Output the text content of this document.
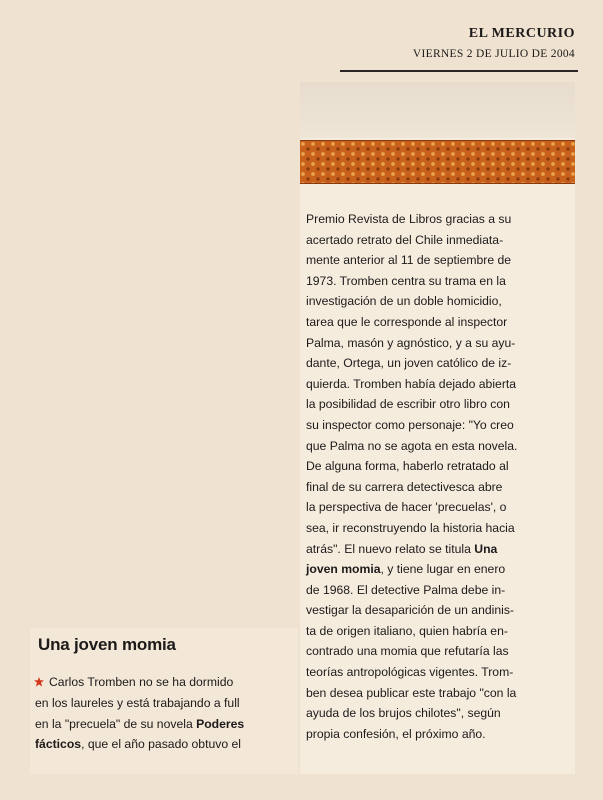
EL MERCURIO
VIERNES 2 DE JULIO DE 2004
Premio Revista de Libros gracias a su
acertado retrato del Chile inmediata-
mente anterior al 11 de septiembre de
1973. Tromben centra su trama en la
investigación de un doble homicidio,
tarea que le corresponde al inspector
Palma, masón y agnóstico, y a su ayu-
dante, Ortega, un joven católico de iz-
quierda. Tromben había dejado abierta
la posibilidad de escribir otro libro con
su inspector como personaje: "Yo creo
que Palma no se agota en esta novela.
De alguna forma, haberlo retratado al
final de su carrera detectivesca abre
la perspectiva de hacer 'precuelas', o
sea, ir reconstruyendo la historia hacia
atrás". El nuevo relato se titula Una
joven momia, y tiene lugar en enero
de 1968. El detective Palma debe in-
vestigar la desaparición de un andinis-
ta de origen italiano, quien habría en-
contrado una momia que refutaría las
teorías antropológicas vigentes. Trom-
ben desea publicar este trabajo "con la
ayuda de los brujos chilotes", según
propia confesión, el próximo año.
Una joven momia
Carlos Tromben no se ha dormido
en los laureles y está trabajando a full
en la "precuela" de su novela Poderes
fácticos, que el año pasado obtuvo el
